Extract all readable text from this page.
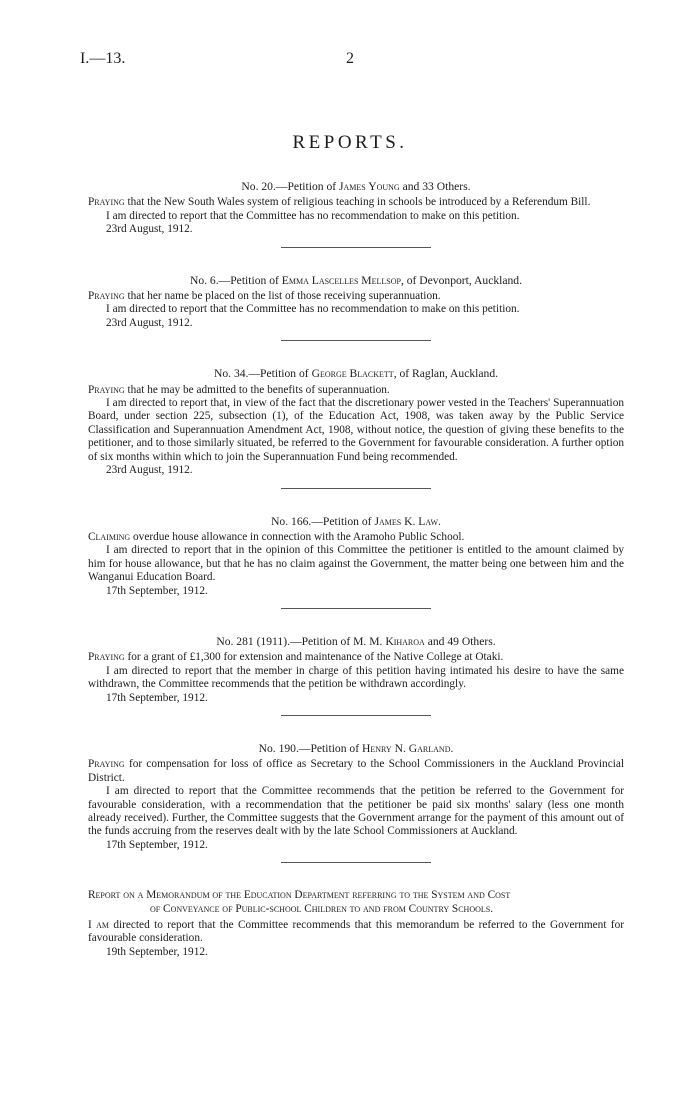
I.—13.	2
REPORTS.

No. 20.—Petition of James Young and 33 Others.

Praying that the New South Wales system of religious teaching in schools be introduced by a Referendum Bill.

I am directed to report that the Committee has no recommendation to make on this petition.

23rd August, 1912.

No. 6.—Petition of Emma Lascelles Mellsop, of Devonport, Auckland.

Praying that her name be placed on the list of those receiving superannuation.

I am directed to report that the Committee has no recommendation to make on this petition.

23rd August, 1912.

No. 34.—Petition of George Blackett, of Raglan, Auckland.

Praying that he may be admitted to the benefits of superannuation.

I am directed to report that, in view of the fact that the discretionary power vested in the Teachers' Superannuation Board, under section 225, subsection (1), of the Education Act, 1908, was taken away by the Public Service Classification and Superannuation Amendment Act, 1908, without notice, the question of giving these benefits to the petitioner, and to those similarly situated, be referred to the Government for favourable consideration. A further option of six months within which to join the Superannuation Fund being recommended.

23rd August, 1912.

No. 166.—Petition of James K. Law.

Claiming overdue house allowance in connection with the Aramoho Public School.

I am directed to report that in the opinion of this Committee the petitioner is entitled to the amount claimed by him for house allowance, but that he has no claim against the Government, the matter being one between him and the Wanganui Education Board.

17th September, 1912.

No. 281 (1911).—Petition of M. M. Kiharoa and 49 Others.

Praying for a grant of £1,300 for extension and maintenance of the Native College at Otaki.

I am directed to report that the member in charge of this petition having intimated his desire to have the same withdrawn, the Committee recommends that the petition be withdrawn accordingly.

17th September, 1912.

No. 190.—Petition of Henry N. Garland.

Praying for compensation for loss of office as Secretary to the School Commissioners in the Auckland Provincial District.

I am directed to report that the Committee recommends that the petition be referred to the Government for favourable consideration, with a recommendation that the petitioner be paid six months' salary (less one month already received). Further, the Committee suggests that the Government arrange for the payment of this amount out of the funds accruing from the reserves dealt with by the late School Commissioners at Auckland.

17th September, 1912.

Report on a Memorandum of the Education Department referring to the System and Cost
of Conveyance of Public-school Children to and from Country Schools.

I am directed to report that the Committee recommends that this memorandum be referred to the Government for favourable consideration.

19th September, 1912.
